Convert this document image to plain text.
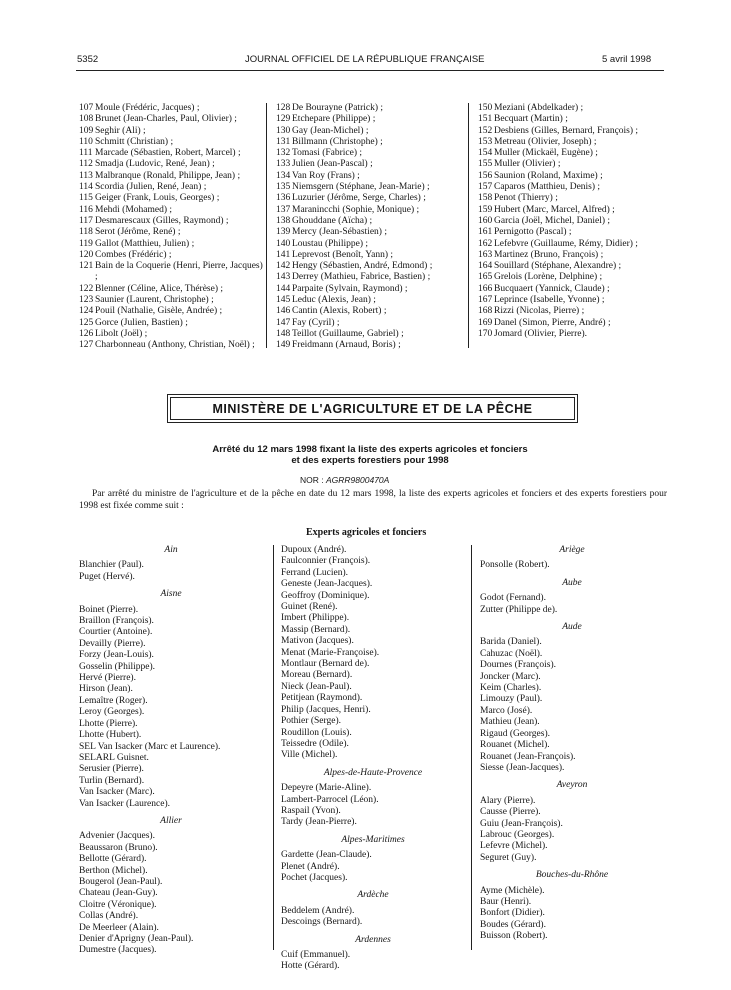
5352	JOURNAL OFFICIEL DE LA RÉPUBLIQUE FRANÇAISE	5 avril 1998
107 Moule (Frédéric, Jacques) ;
108 Brunet (Jean-Charles, Paul, Olivier) ;
109 Seghir (Ali) ;
110 Schmitt (Christian) ;
111 Marcade (Sébastien, Robert, Marcel) ;
112 Smadja (Ludovic, René, Jean) ;
113 Malbranque (Ronald, Philippe, Jean) ;
114 Scordia (Julien, René, Jean) ;
115 Geiger (Frank, Louis, Georges) ;
116 Mehdi (Mohamed) ;
117 Desmarescaux (Gilles, Raymond) ;
118 Serot (Jérôme, René) ;
119 Gallot (Matthieu, Julien) ;
120 Combes (Frédéric) ;
121 Bain de la Coquerie (Henri, Pierre, Jacques) ;
122 Blenner (Céline, Alice, Thérèse) ;
123 Saunier (Laurent, Christophe) ;
124 Pouil (Nathalie, Gisèle, Andrée) ;
125 Gorce (Julien, Bastien) ;
126 Libolt (Joël) ;
127 Charbonneau (Anthony, Christian, Noël) ;
128 De Bourayne (Patrick) ;
129 Etchepare (Philippe) ;
130 Gay (Jean-Michel) ;
131 Billmann (Christophe) ;
132 Tomasi (Fabrice) ;
133 Julien (Jean-Pascal) ;
134 Van Roy (Frans) ;
135 Niemsgern (Stéphane, Jean-Marie) ;
136 Luzurier (Jérôme, Serge, Charles) ;
137 Maranincchi (Sophie, Monique) ;
138 Ghouddane (Aïcha) ;
139 Mercy (Jean-Sébastien) ;
140 Loustau (Philippe) ;
141 Leprevost (Benoît, Yann) ;
142 Hengy (Sébastien, André, Edmond) ;
143 Derrey (Mathieu, Fabrice, Bastien) ;
144 Parpaite (Sylvain, Raymond) ;
145 Leduc (Alexis, Jean) ;
146 Cantin (Alexis, Robert) ;
147 Fay (Cyril) ;
148 Teillot (Guillaume, Gabriel) ;
149 Freidmann (Arnaud, Boris) ;
150 Meziani (Abdelkader) ;
151 Becquart (Martin) ;
152 Desbiens (Gilles, Bernard, François) ;
153 Metreau (Olivier, Joseph) ;
154 Muller (Mickaël, Eugène) ;
155 Muller (Olivier) ;
156 Saunion (Roland, Maxime) ;
157 Caparos (Matthieu, Denis) ;
158 Penot (Thierry) ;
159 Hubert (Marc, Marcel, Alfred) ;
160 Garcia (Joël, Michel, Daniel) ;
161 Pernigotto (Pascal) ;
162 Lefebvre (Guillaume, Rémy, Didier) ;
163 Martinez (Bruno, François) ;
164 Souillard (Stéphane, Alexandre) ;
165 Grelois (Lorène, Delphine) ;
166 Bucquaert (Yannick, Claude) ;
167 Leprince (Isabelle, Yvonne) ;
168 Rizzi (Nicolas, Pierre) ;
169 Danel (Simon, Pierre, André) ;
170 Jomard (Olivier, Pierre).
MINISTÈRE DE L'AGRICULTURE ET DE LA PÊCHE
Arrêté du 12 mars 1998 fixant la liste des experts agricoles et fonciers
et des experts forestiers pour 1998
NOR : AGRR9800470A
Par arrêté du ministre de l'agriculture et de la pêche en date du 12 mars 1998, la liste des experts agricoles et fonciers et des experts forestiers pour 1998 est fixée comme suit :
Experts agricoles et fonciers
Ain
Blanchier (Paul).
Puget (Hervé).
Aisne
Boinet (Pierre).
Braillon (François).
Courtier (Antoine).
Devailly (Pierre).
Forzy (Jean-Louis).
Gosselin (Philippe).
Hervé (Pierre).
Hirson (Jean).
Lemaître (Roger).
Leroy (Georges).
Lhotte (Pierre).
Lhotte (Hubert).
SEL Van Isacker (Marc et Laurence).
SELARL Guisnet.
Serusier (Pierre).
Turlin (Bernard).
Van Isacker (Marc).
Van Isacker (Laurence).
Allier
Advenier (Jacques).
Beaussaron (Bruno).
Bellotte (Gérard).
Berthon (Michel).
Bougerol (Jean-Paul).
Chateau (Jean-Guy).
Cloitre (Véronique).
Collas (André).
De Meerleer (Alain).
Denier d'Aprigny (Jean-Paul).
Dumestre (Jacques).
Dupoux (André).
Faulconnier (François).
Ferrand (Lucien).
Geneste (Jean-Jacques).
Geoffroy (Dominique).
Guinet (René).
Imbert (Philippe).
Massip (Bernard).
Mativon (Jacques).
Menat (Marie-Françoise).
Montlaur (Bernard de).
Moreau (Bernard).
Nieck (Jean-Paul).
Petitjean (Raymond).
Philip (Jacques, Henri).
Pothier (Serge).
Roudillon (Louis).
Teissedre (Odile).
Ville (Michel).
Alpes-de-Haute-Provence
Depeyre (Marie-Aline).
Lambert-Parrocel (Léon).
Raspail (Yvon).
Tardy (Jean-Pierre).
Alpes-Maritimes
Gardette (Jean-Claude).
Plenet (André).
Pochet (Jacques).
Ardèche
Beddelem (André).
Descoings (Bernard).
Ardennes
Cuif (Emmanuel).
Hotte (Gérard).
Ariège
Ponsolle (Robert).
Aube
Godot (Fernand).
Zutter (Philippe de).
Aude
Barida (Daniel).
Cahuzac (Noël).
Dournes (François).
Joncker (Marc).
Keim (Charles).
Limouzy (Paul).
Marco (José).
Mathieu (Jean).
Rigaud (Georges).
Rouanet (Michel).
Rouanet (Jean-François).
Siesse (Jean-Jacques).
Aveyron
Alary (Pierre).
Causse (Pierre).
Guiu (Jean-François).
Labrouc (Georges).
Lefevre (Michel).
Seguret (Guy).
Bouches-du-Rhône
Ayme (Michèle).
Baur (Henri).
Bonfort (Didier).
Boudes (Gérard).
Buisson (Robert).
